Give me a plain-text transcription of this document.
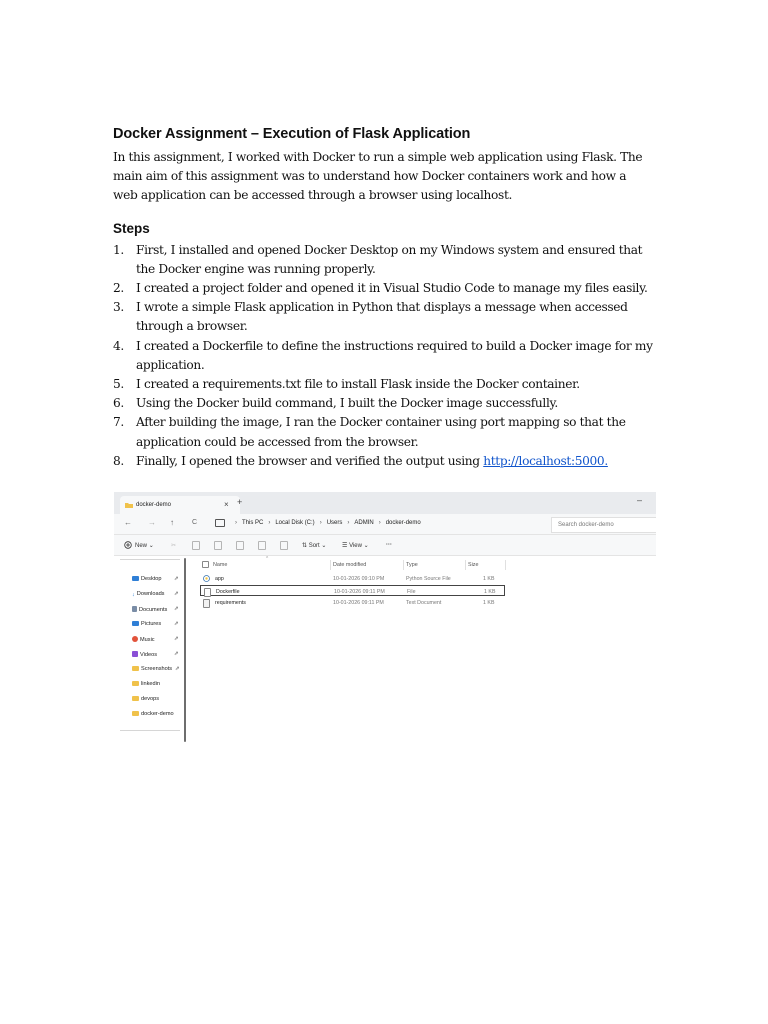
Docker Assignment – Execution of Flask Application

In this assignment, I worked with Docker to run a simple web application using Flask. The
main aim of this assignment was to understand how Docker containers work and how a
web application can be accessed through a browser using localhost.

Steps
1. First, I installed and opened Docker Desktop on my Windows system and ensured that
the Docker engine was running properly.
2. I created a project folder and opened it in Visual Studio Code to manage my files easily.
3. I wrote a simple Flask application in Python that displays a message when accessed
through a browser.
4. I created a Dockerfile to define the instructions required to build a Docker image for my
application.
5. I created a requirements.txt file to install Flask inside the Docker container.
6. Using the Docker build command, I built the Docker image successfully.
7. After building the image, I ran the Docker container using port mapping so that the
application could be accessed from the browser.
8. Finally, I opened the browser and verified the output using http://localhost:5000.
docker-demo	× +	–
← → ↑	C	› This PC › Local Disk (C:) › Users › ADMIN › docker-demo	Search docker-demo
New ⌄	✂	⇅ Sort ⌄	☰ View ⌄	···
Desktop ⇗
↓ Downloads ⇗
Documents ⇗
Pictures ⇗
Music	⇗
Videos	⇗
Screenshots ⇗
linkedin
devops
docker-demo
⌃
Name	Date modified	Type	Size
app	10-01-2026 09:10 PM	Python Source File	1 KB
Dockerfile	10-01-2026 09:11 PM	File	1 KB
requirements	10-01-2026 09:11 PM	Text Document	1 KB
